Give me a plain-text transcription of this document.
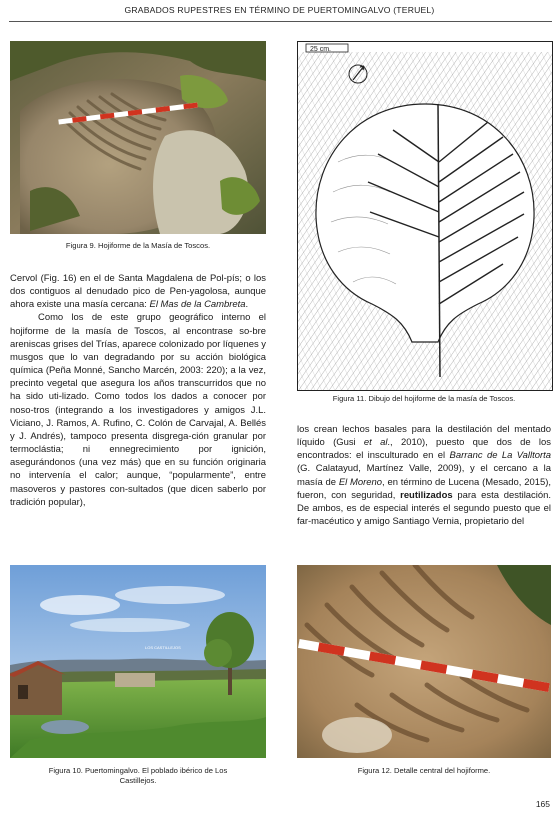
GRABADOS RUPESTRES EN TÉRMINO DE PUERTOMINGALVO (TERUEL)
Figura 9. Hojiforme de la Masía de Toscos.
25 cm.
Figura 11. Dibujo del hojiforme de la masía de Toscos.

Cervol (Fig. 16) en el de Santa Magdalena de Pol-pís; o los dos contiguos al denudado pico de Pen-yagolosa, aunque ahora existe una masía cercana: El Mas de la Cambreta.

Como los de este grupo geográfico interno el hojiforme de la masía de Toscos, al encontrase so-bre areniscas grises del Trías, aparece colonizado por líquenes y musgos que lo van degradando por su acción biológica química (Peña Monné, Sancho Marcén, 2003: 220); a la vez, precinto vegetal que asegura los años transcurridos que no ha sido uti-lizado. Como todos los dados a conocer por noso-tros (integrando a los investigadores y amigos J.L. Viciano, J. Ramos, A. Rufino, C. Colón de Carvajal, A. Bellés y J. Andrés), tampoco presenta disgrega-ción granular por termoclástia; ni ennegrecimiento por ignición, asegurándonos (una vez más) que en su función originaria no intervenía el calor; aunque, “popularmente”, entre masoveros y pastores con-sultados (que dicen saberlo por tradición popular),

los crean lechos basales para la destilación del mentado líquido (Gusi et al., 2010), puesto que dos de los encontrados: el insculturado en el Barranc de La Valltorta (G. Calatayud, Martínez Valle, 2009), y el cercano a la masía de El Moreno, en término de Lucena (Mesado, 2015), fueron, con seguridad, reutilizados para esta destilación. De ambos, es de especial interés el segundo puesto que el far-macéutico y amigo Santiago Vernia, propietario del

LOS CASTILLEJOS
Figura 10. Puertomingalvo. El poblado ibérico de Los
Castillejos.
Figura 12. Detalle central del hojiforme.
165
